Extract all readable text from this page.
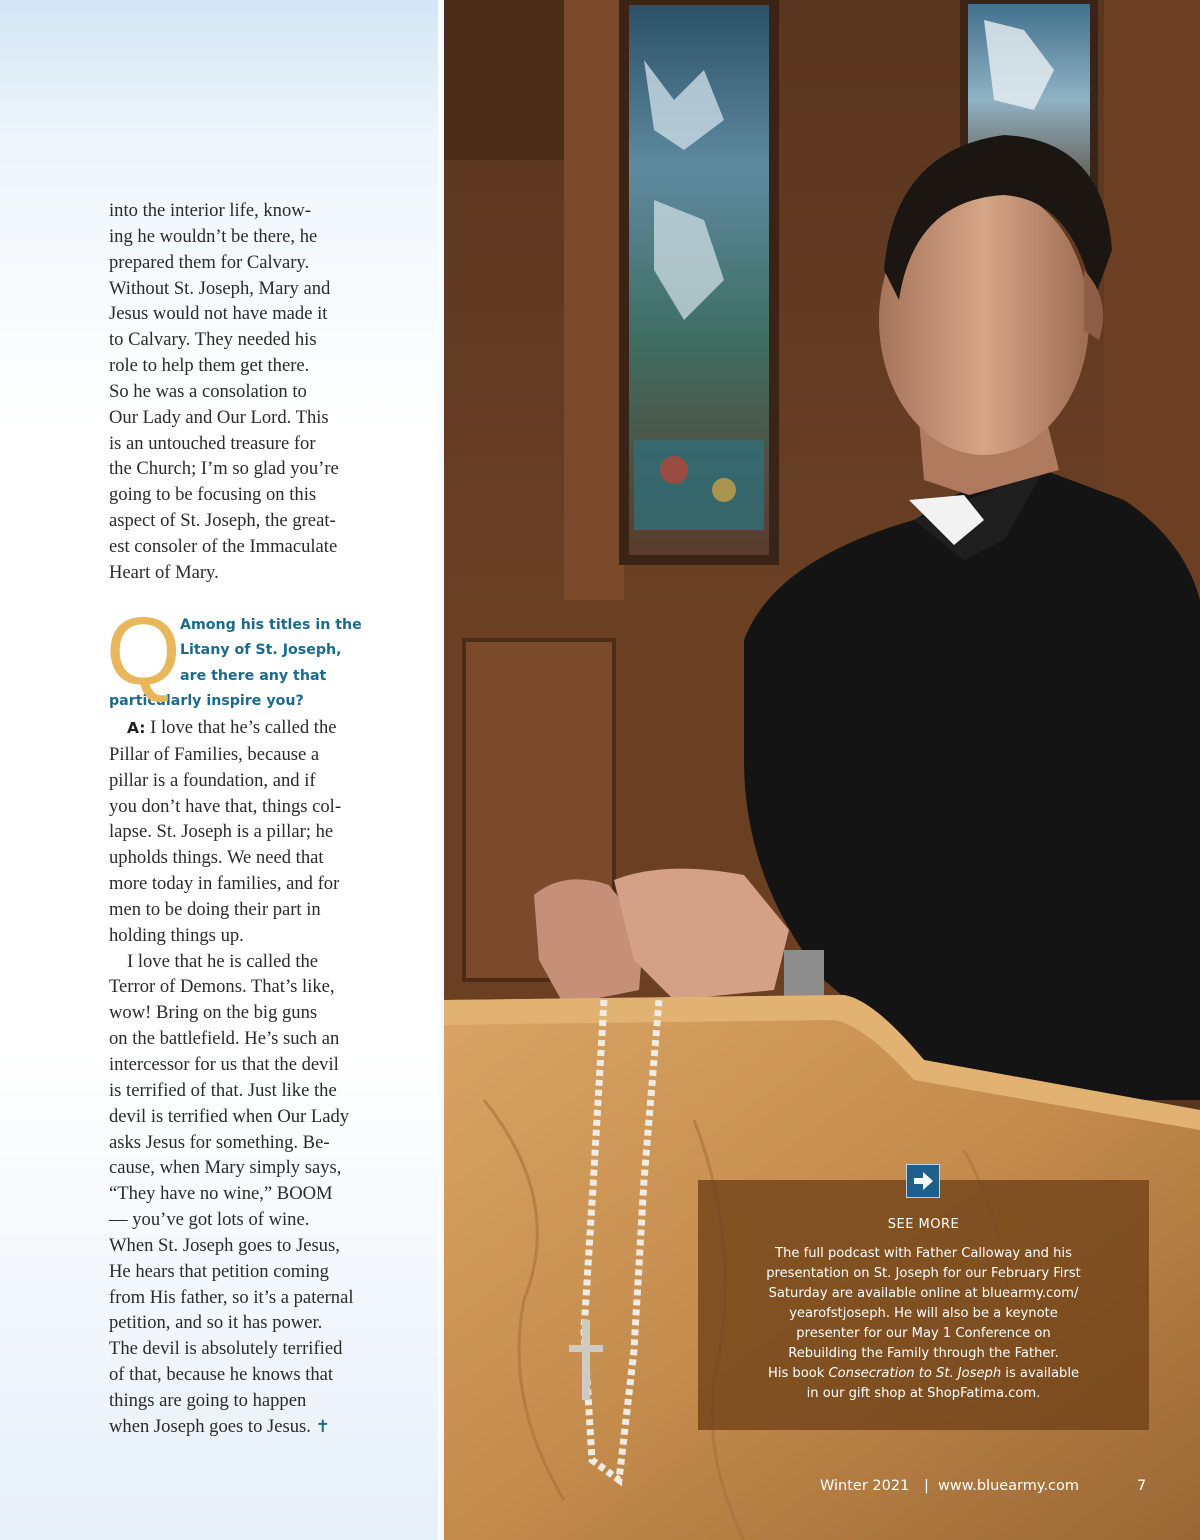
into the interior life, know-
ing he wouldn’t be there, he
prepared them for Calvary.
Without St. Joseph, Mary and
Jesus would not have made it
to Calvary. They needed his
role to help them get there.
So he was a consolation to
Our Lady and Our Lord. This
is an untouched treasure for
the Church; I’m so glad you’re
going to be focusing on this
aspect of St. Joseph, the great-
est consoler of the Immaculate
Heart of Mary.
Q Among his titles in the
Litany of St. Joseph,
are there any that
particularly inspire you?
A: I love that he’s called the
Pillar of Families, because a
pillar is a foundation, and if
you don’t have that, things col-
lapse. St. Joseph is a pillar; he
upholds things. We need that
more today in families, and for
men to be doing their part in
holding things up.
I love that he is called the
Terror of Demons. That’s like,
wow! Bring on the big guns
on the battlefield. He’s such an
intercessor for us that the devil
is terrified of that. Just like the
devil is terrified when Our Lady
asks Jesus for something. Be-
cause, when Mary simply says,
“They have no wine,” BOOM
— you’ve got lots of wine.
When St. Joseph goes to Jesus,
He hears that petition coming
from His father, so it’s a paternal
petition, and so it has power.
The devil is absolutely terrified
of that, because he knows that
things are going to happen
when Joseph goes to Jesus. ✝
SEE MORE
The full podcast with Father Calloway and his
presentation on St. Joseph for our February First
Saturday are available online at bluearmy.com/
yearofstjoseph. He will also be a keynote
presenter for our May 1 Conference on
Rebuilding the Family through the Father.
His book Consecration to St. Joseph is available
in our gift shop at ShopFatima.com.
Winter 2021 | www.bluearmy.com	7
